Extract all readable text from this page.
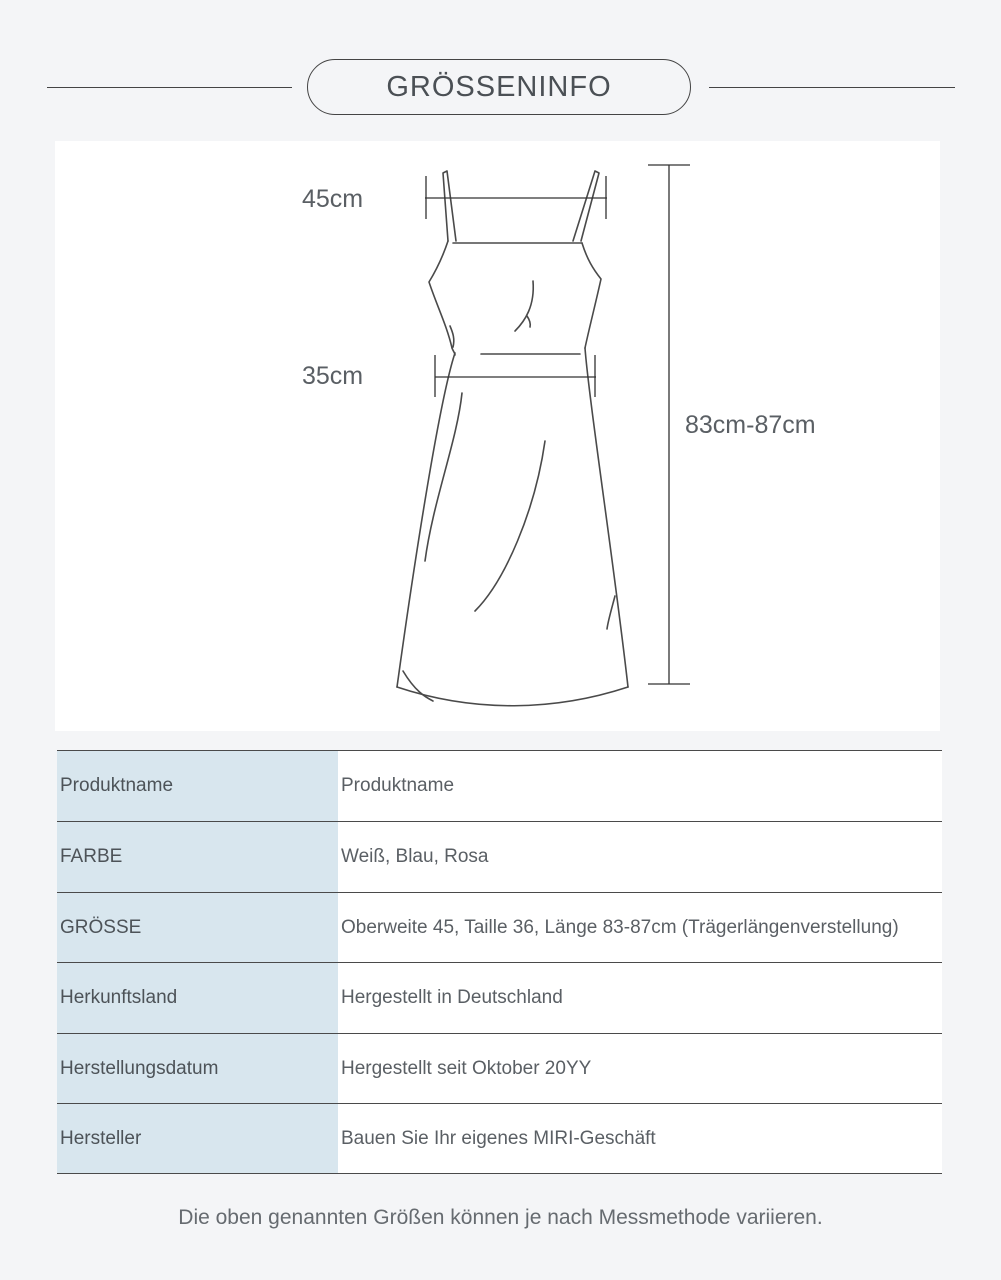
GRÖSSENINFO
45cm
35cm
83cm-87cm
Produktname	Produktname
FARBE	Weiß, Blau, Rosa
GRÖSSE	Oberweite 45, Taille 36, Länge 83-87cm (Trägerlängenverstellung)
Herkunftsland	Hergestellt in Deutschland
Herstellungsdatum	Hergestellt seit Oktober 20YY
Hersteller	Bauen Sie Ihr eigenes MIRI-Geschäft
Die oben genannten Größen können je nach Messmethode variieren.
